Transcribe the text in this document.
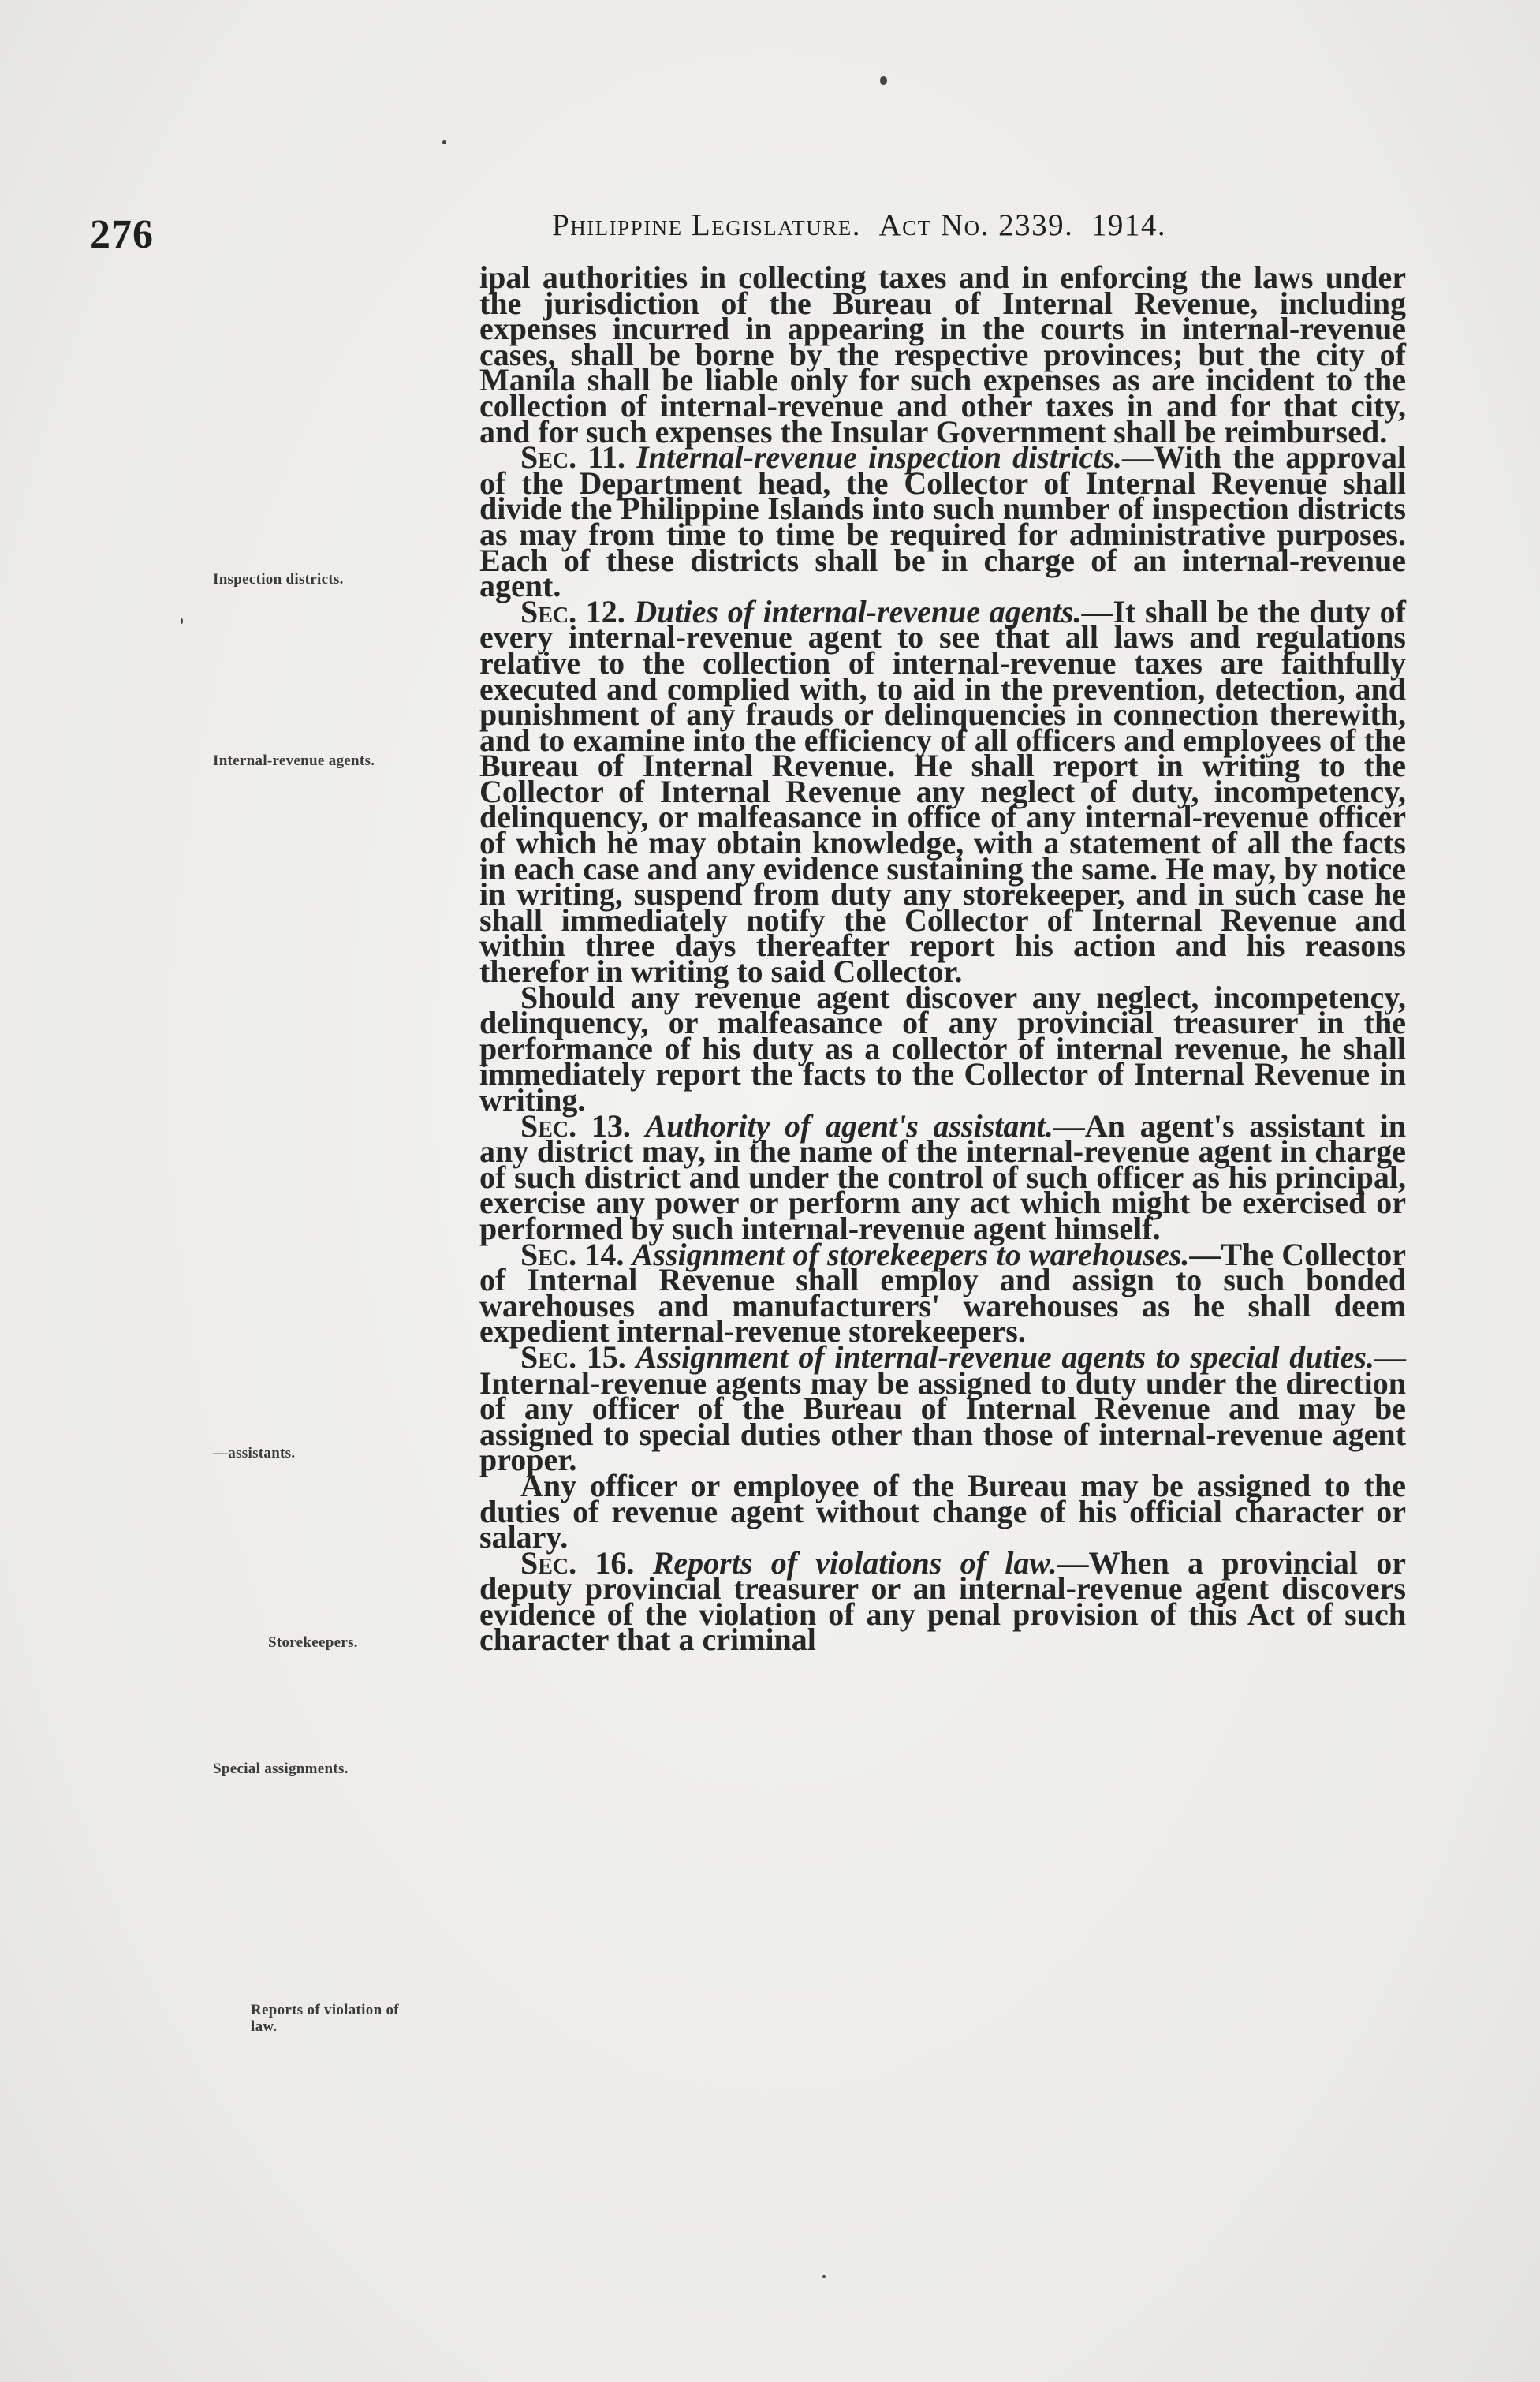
276	Philippine Legislature. Act No. 2339. 1914.
Inspection districts.
Internal-revenue agents.
—assistants.
Storekeepers.
Special assignments.
Reports of violation of law.

ipal authorities in collecting taxes and in enforcing the laws under the jurisdiction of the Bureau of Internal Revenue, including expenses incurred in appearing in the courts in internal-revenue cases, shall be borne by the respective provinces; but the city of Manila shall be liable only for such expenses as are incident to the collection of internal-revenue and other taxes in and for that city, and for such expenses the Insular Government shall be reimbursed.

Sec. 11. Internal-revenue inspection districts.—With the approval of the Department head, the Collector of Internal Revenue shall divide the Philippine Islands into such number of inspection districts as may from time to time be required for administrative purposes. Each of these districts shall be in charge of an internal-revenue agent.

Sec. 12. Duties of internal-revenue agents.—It shall be the duty of every internal-revenue agent to see that all laws and regulations relative to the collection of internal-revenue taxes are faithfully executed and complied with, to aid in the prevention, detection, and punishment of any frauds or delinquencies in connection therewith, and to examine into the efficiency of all officers and employees of the Bureau of Internal Revenue. He shall report in writing to the Collector of Internal Revenue any neglect of duty, incompetency, delinquency, or malfeasance in office of any internal-revenue officer of which he may obtain knowledge, with a statement of all the facts in each case and any evidence sustaining the same. He may, by notice in writing, suspend from duty any storekeeper, and in such case he shall immediately notify the Collector of Internal Revenue and within three days thereafter report his action and his reasons therefor in writing to said Collector.

Should any revenue agent discover any neglect, incompetency, delinquency, or malfeasance of any provincial treasurer in the performance of his duty as a collector of internal revenue, he shall immediately report the facts to the Collector of Internal Revenue in writing.

Sec. 13. Authority of agent's assistant.—An agent's assistant in any district may, in the name of the internal-revenue agent in charge of such district and under the control of such officer as his principal, exercise any power or perform any act which might be exercised or performed by such internal-revenue agent himself.

Sec. 14. Assignment of storekeepers to warehouses.—The Collector of Internal Revenue shall employ and assign to such bonded warehouses and manufacturers' warehouses as he shall deem expedient internal-revenue storekeepers.

Sec. 15. Assignment of internal-revenue agents to special duties.—Internal-revenue agents may be assigned to duty under the direction of any officer of the Bureau of Internal Revenue and may be assigned to special duties other than those of internal-revenue agent proper.

Any officer or employee of the Bureau may be assigned to the duties of revenue agent without change of his official character or salary.

Sec. 16. Reports of violations of law.—When a provincial or deputy provincial treasurer or an internal-revenue agent discovers evidence of the violation of any penal provision of this Act of such character that a criminal
